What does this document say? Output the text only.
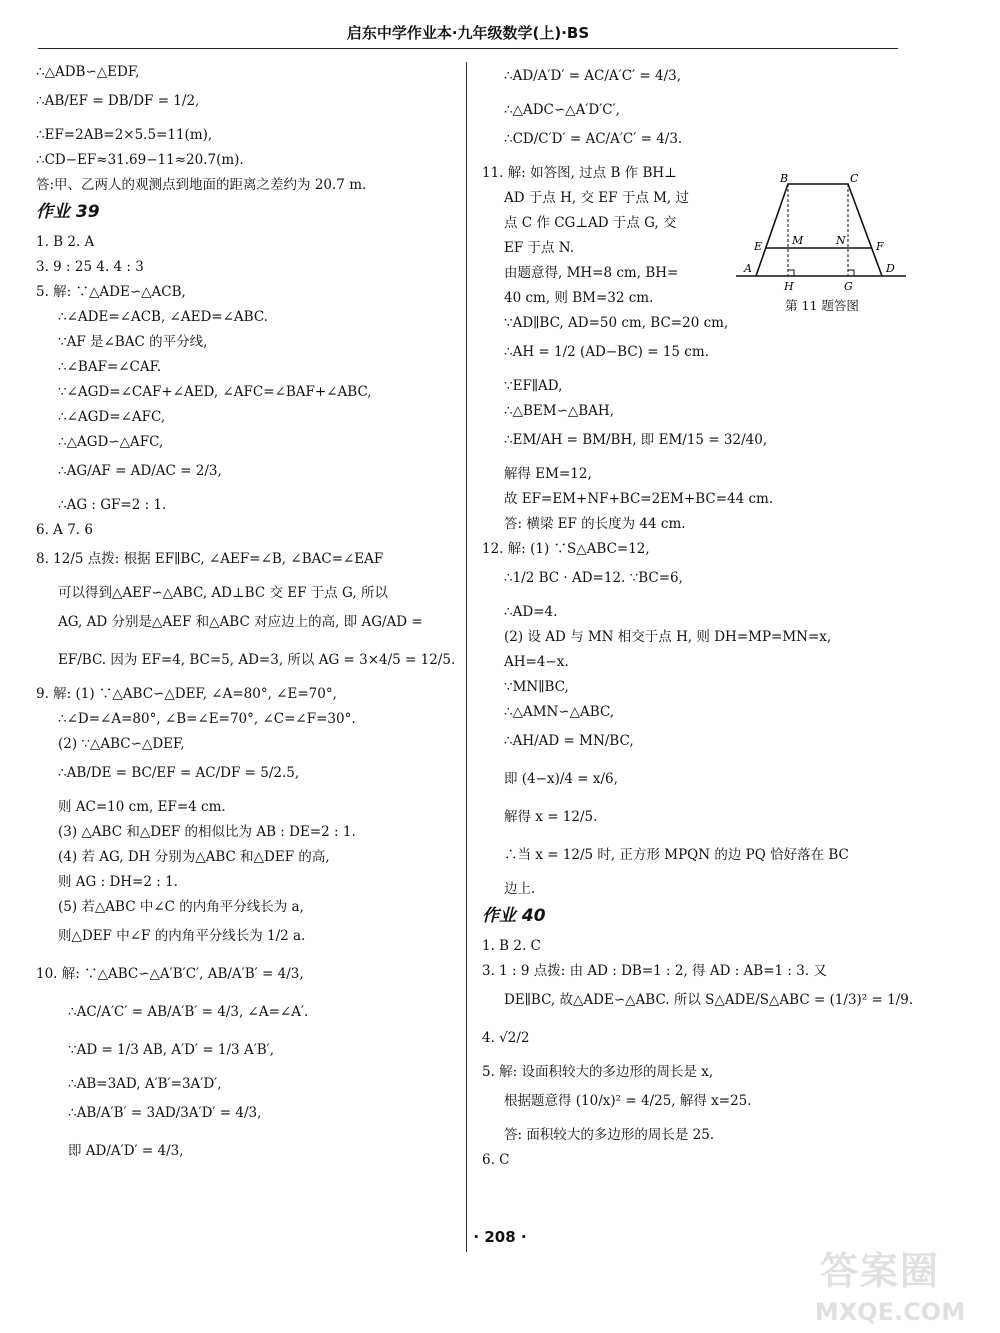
启东中学作业本·九年级数学(上)·BS
∴△ADB∽△EDF,
∴AB/EF = DB/DF = 1/2,
∴EF=2AB=2×5.5=11(m),
∴CD−EF≈31.69−11≈20.7(m).
答:甲、乙两人的观测点到地面的距离之差约为 20.7 m.
作业 39
1. B 2. A
3. 9 : 25 4. 4 : 3
5. 解: ∵△ADE∽△ACB,
∴∠ADE=∠ACB, ∠AED=∠ABC.
∵AF 是∠BAC 的平分线,
∴∠BAF=∠CAF.
∵∠AGD=∠CAF+∠AED, ∠AFC=∠BAF+∠ABC,
∴∠AGD=∠AFC,
∴△AGD∽△AFC,
∴AG/AF = AD/AC = 2/3,
∴AG : GF=2 : 1.
6. A 7. 6
8. 12/5 点拨: 根据 EF∥BC, ∠AEF=∠B, ∠BAC=∠EAF
可以得到△AEF∽△ABC, AD⊥BC 交 EF 于点 G, 所以
AG, AD 分别是△AEF 和△ABC 对应边上的高, 即 AG/AD =
EF/BC. 因为 EF=4, BC=5, AD=3, 所以 AG = 3×4/5 = 12/5.
9. 解: (1) ∵△ABC∽△DEF, ∠A=80°, ∠E=70°,
∴∠D=∠A=80°, ∠B=∠E=70°, ∠C=∠F=30°.
(2) ∵△ABC∽△DEF,
∴AB/DE = BC/EF = AC/DF = 5/2.5,
则 AC=10 cm, EF=4 cm.
(3) △ABC 和△DEF 的相似比为 AB : DE=2 : 1.
(4) 若 AG, DH 分别为△ABC 和△DEF 的高,
则 AG : DH=2 : 1.
(5) 若△ABC 中∠C 的内角平分线长为 a,
则△DEF 中∠F 的内角平分线长为 1/2 a.
10. 解: ∵△ABC∽△A′B′C′, AB/A′B′ = 4/3,
∴AC/A′C′ = AB/A′B′ = 4/3, ∠A=∠A′.
∵AD = 1/3 AB, A′D′ = 1/3 A′B′,
∴AB=3AD, A′B′=3A′D′,
∴AB/A′B′ = 3AD/3A′D′ = 4/3,
即 AD/A′D′ = 4/3,
∴AD/A′D′ = AC/A′C′ = 4/3,
∴△ADC∽△A′D′C′,
∴CD/C′D′ = AC/A′C′ = 4/3.
11. 解: 如答图, 过点 B 作 BH⊥
AD 于点 H, 交 EF 于点 M, 过
点 C 作 CG⊥AD 于点 G, 交
EF 于点 N.
由题意得, MH=8 cm, BH=
40 cm, 则 BM=32 cm.
∵AD∥BC, AD=50 cm, BC=20 cm,
∴AH = 1/2 (AD−BC) = 15 cm.
∵EF∥AD,
∴△BEM∽△BAH,
∴EM/AH = BM/BH, 即 EM/15 = 32/40,
解得 EM=12,
故 EF=EM+NF+BC=2EM+BC=44 cm.
答: 横梁 EF 的长度为 44 cm.
12. 解: (1) ∵S△ABC=12,
∴1/2 BC · AD=12. ∵BC=6,
∴AD=4.
(2) 设 AD 与 MN 相交于点 H, 则 DH=MP=MN=x,
AH=4−x.
∵MN∥BC,
∴△AMN∽△ABC,
∴AH/AD = MN/BC,
即 (4−x)/4 = x/6,
解得 x = 12/5.
∴当 x = 12/5 时, 正方形 MPQN 的边 PQ 恰好落在 BC
边上.
作业 40
1. B 2. C
3. 1 : 9 点拨: 由 AD : DB=1 : 2, 得 AD : AB=1 : 3. 又
DE∥BC, 故△ADE∽△ABC. 所以 S△ADE/S△ABC = (1/3)² = 1/9.
4. √2/2
5. 解: 设面积较大的多边形的周长是 x,
根据题意得 (10/x)² = 4/25, 解得 x=25.
答: 面积较大的多边形的周长是 25.
6. C
B	C
E	M	N	F
A
H	G
D
第 11 题答图
· 208 ·
答案圈
MXQE.COM
